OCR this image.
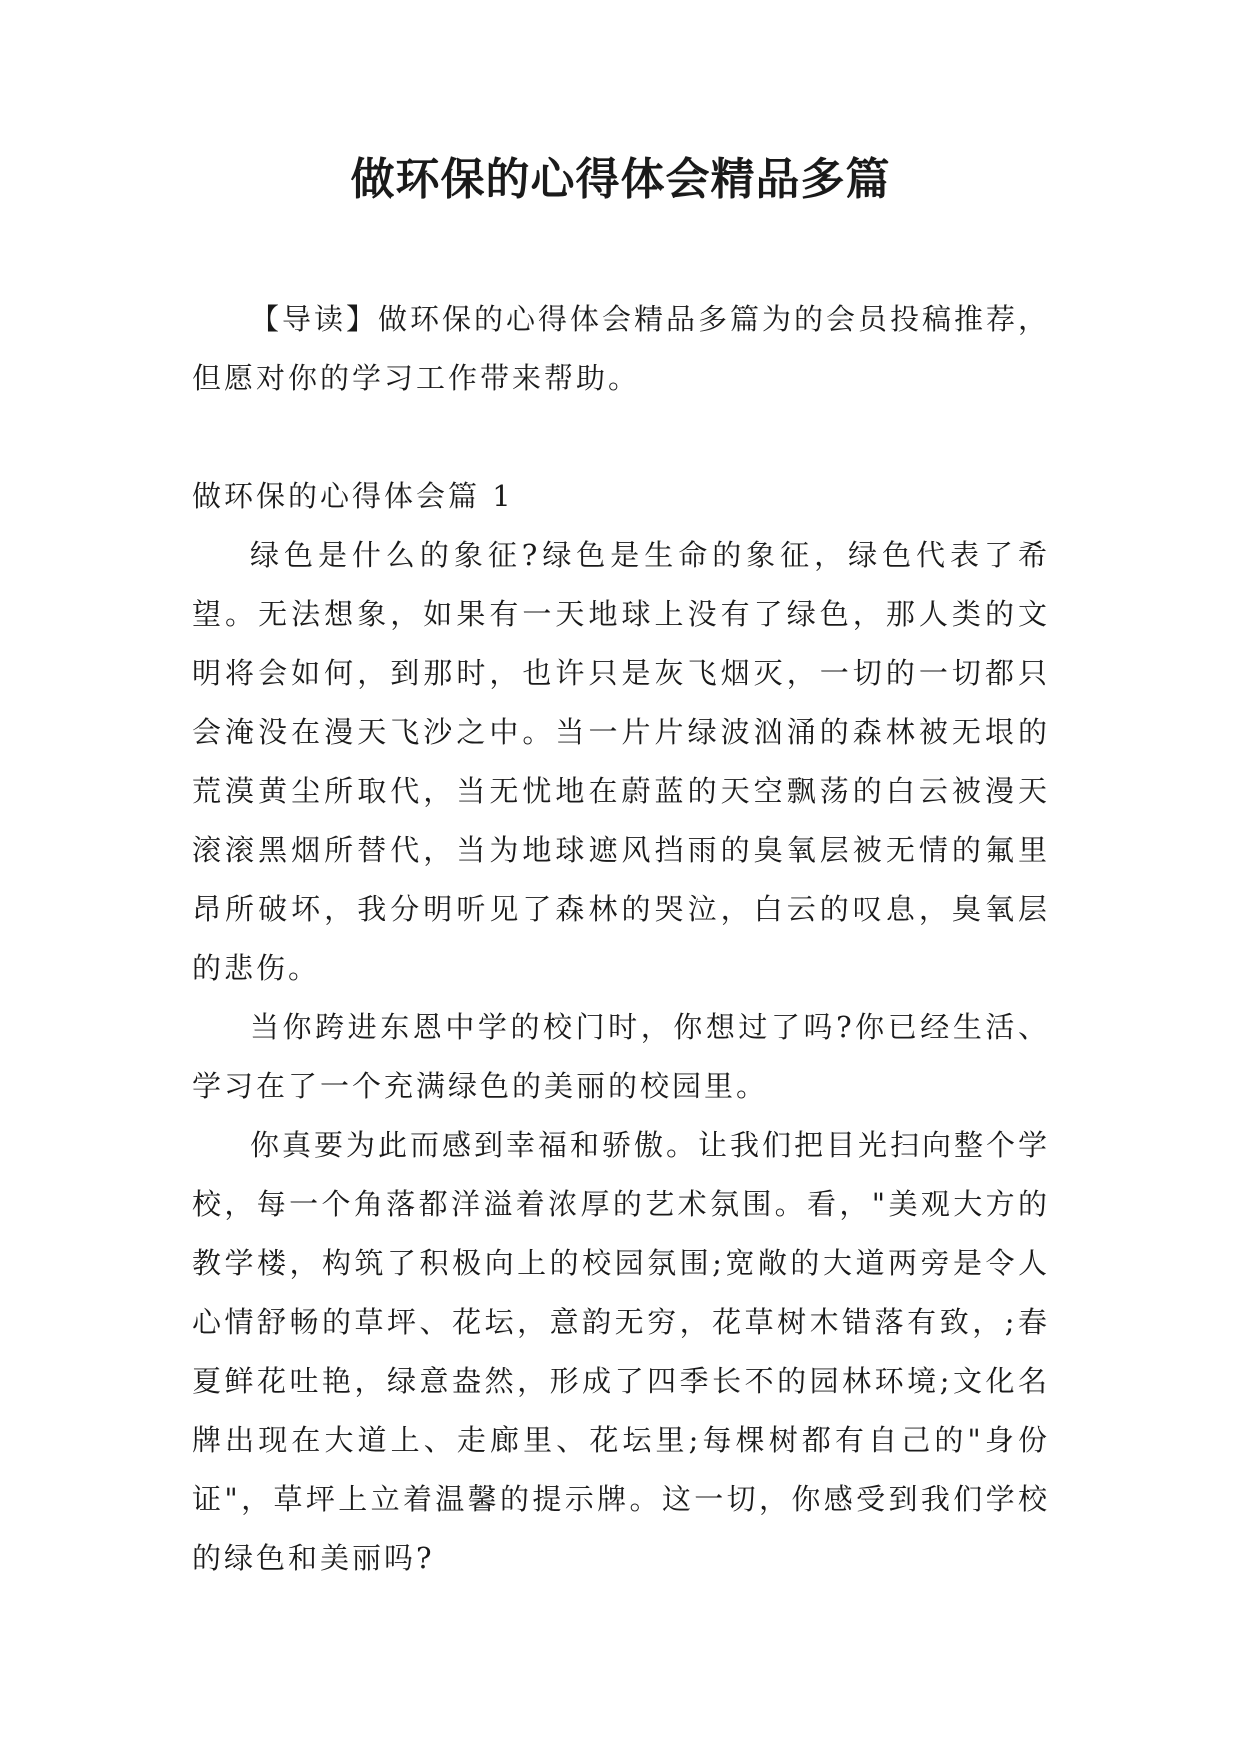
做环保的心得体会精品多篇

【导读】做环保的心得体会精品多篇为的会员投稿推荐，但愿对你的学习工作带来帮助。

做环保的心得体会篇 1

绿色是什么的象征?绿色是生命的象征，绿色代表了希望。无法想象，如果有一天地球上没有了绿色，那人类的文明将会如何，到那时，也许只是灰飞烟灭，一切的一切都只会淹没在漫天飞沙之中。当一片片绿波汹涌的森林被无垠的荒漠黄尘所取代，当无忧地在蔚蓝的天空飘荡的白云被漫天滚滚黑烟所替代，当为地球遮风挡雨的臭氧层被无情的氟里昂所破坏，我分明听见了森林的哭泣，白云的叹息，臭氧层的悲伤。

当你跨进东恩中学的校门时，你想过了吗?你已经生活、学习在了一个充满绿色的美丽的校园里。

你真要为此而感到幸福和骄傲。让我们把目光扫向整个学校，每一个角落都洋溢着浓厚的艺术氛围。看，"美观大方的教学楼，构筑了积极向上的校园氛围;宽敞的大道两旁是令人心情舒畅的草坪、花坛，意韵无穷，花草树木错落有致，;春夏鲜花吐艳，绿意盎然，形成了四季长不的园林环境;文化名牌出现在大道上、走廊里、花坛里;每棵树都有自己的"身份证"，草坪上立着温馨的提示牌。这一切，你感受到我们学校的绿色和美丽吗?
